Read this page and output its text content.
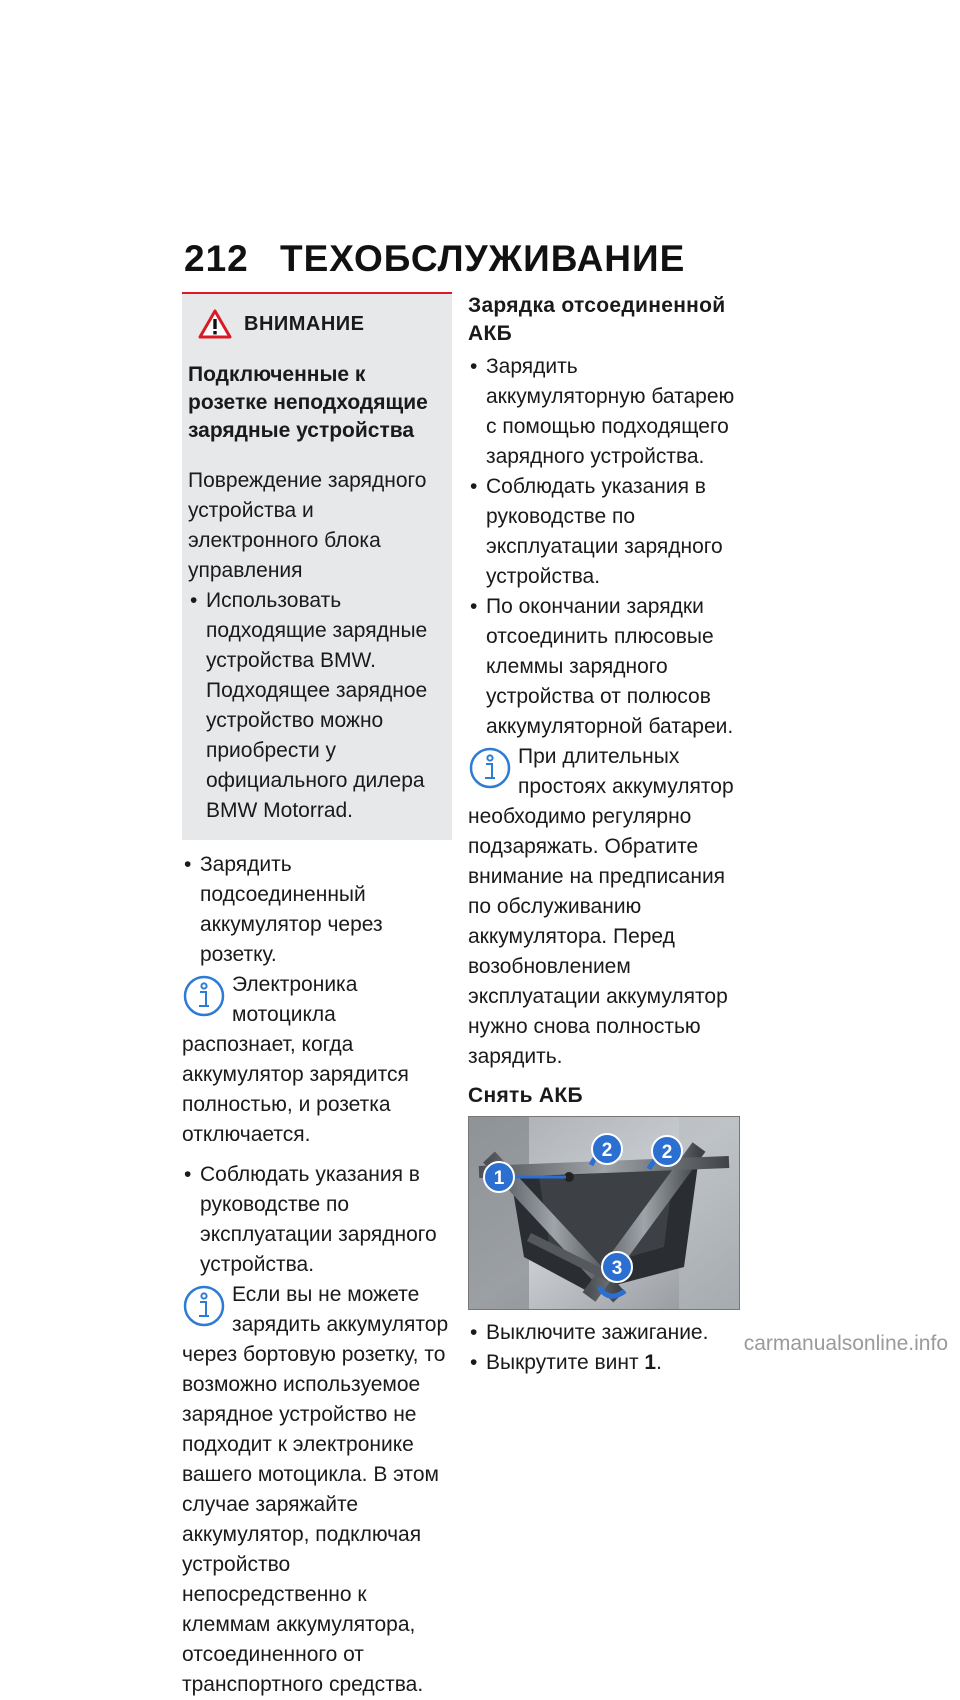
212 ТЕХОБСЛУЖИВАНИЕ
ВНИМАНИЕ

Подключенные к розетке неподходящие зарядные устройства

Повреждение зарядного устройства и электронного блока управления

• Использовать подходящие зарядные устройства BMW. Подходящее зарядное устройство можно приобрести у официального дилера BMW Motorrad.

• Зарядить подсоединенный аккумулятор через розетку.

Электроника мотоцикла распознает, когда аккумулятор зарядится полностью, и розетка отключается.

• Соблюдать указания в руководстве по эксплуатации зарядного устройства.

Если вы не можете зарядить аккумулятор через бортовую розетку, то возможно используемое зарядное устройство не подходит к электронике вашего мотоцикла. В этом случае заряжайте аккумулятор, подключая устройство непосредственно к клеммам аккумулятора, отсоединенного от транспортного средства.

Зарядка отсоединенной АКБ

• Зарядить аккумуляторную батарею с помощью подходящего зарядного устройства.

• Соблюдать указания в руководстве по эксплуатации зарядного устройства.

• По окончании зарядки отсоединить плюсовые клеммы зарядного устройства от полюсов аккумуляторной батареи.

При длительных простоях аккумулятор необходимо регулярно подзаряжать. Обратите внимание на предписания по обслуживанию аккумулятора. Перед возобновлением эксплуатации аккумулятор нужно снова полностью зарядить.

Снять АКБ

1
2	2
3

• Выключите зажигание.

• Выкрутите винт 1.

carmanualsonline.info
